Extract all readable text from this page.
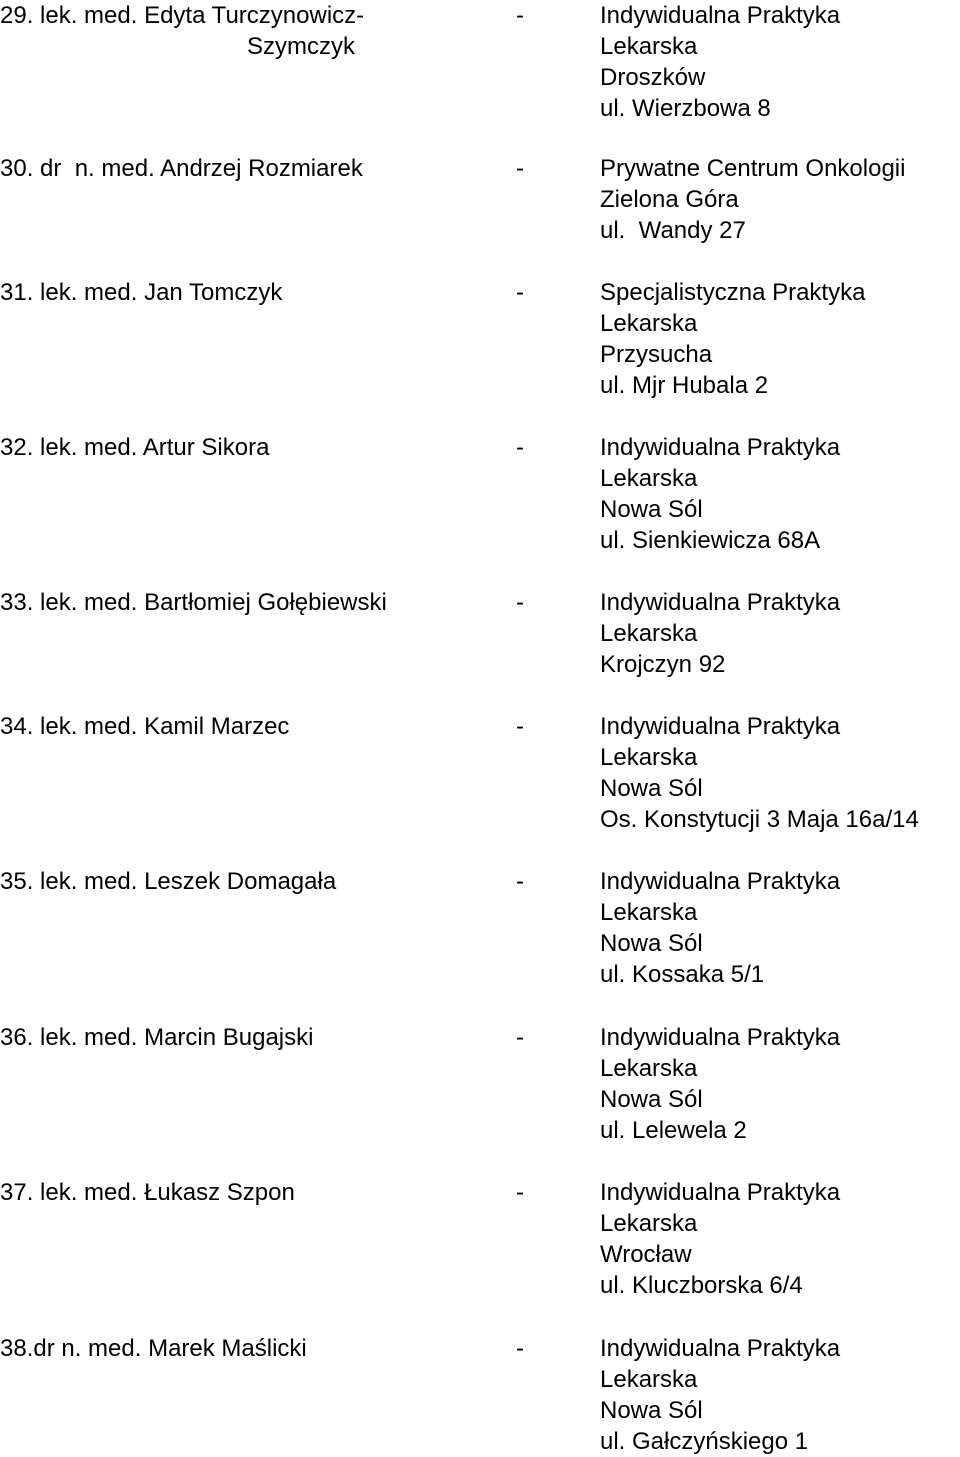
29. lek. med. Edyta Turczynowicz-
Szymczyk
-	Indywidualna Praktyka
Lekarska
Droszków
ul. Wierzbowa 8
30. dr  n. med. Andrzej Rozmiarek	-	Prywatne Centrum Onkologii
Zielona Góra
ul.  Wandy 27
31. lek. med. Jan Tomczyk	-	Specjalistyczna Praktyka
Lekarska
Przysucha
ul. Mjr Hubala 2
32. lek. med. Artur Sikora	-	Indywidualna Praktyka
Lekarska
Nowa Sól
ul. Sienkiewicza 68A
33. lek. med. Bartłomiej Gołębiewski	-	Indywidualna Praktyka
Lekarska
Krojczyn 92
34. lek. med. Kamil Marzec	-	Indywidualna Praktyka
Lekarska
Nowa Sól
Os. Konstytucji 3 Maja 16a/14
35. lek. med. Leszek Domagała	-	Indywidualna Praktyka
Lekarska
Nowa Sól
ul. Kossaka 5/1
36. lek. med. Marcin Bugajski	-	Indywidualna Praktyka
Lekarska
Nowa Sól
ul. Lelewela 2
37. lek. med. Łukasz Szpon	-	Indywidualna Praktyka
Lekarska
Wrocław
ul. Kluczborska 6/4
38.dr n. med. Marek Maślicki	-	Indywidualna Praktyka
Lekarska
Nowa Sól
ul. Gałczyńskiego 1
